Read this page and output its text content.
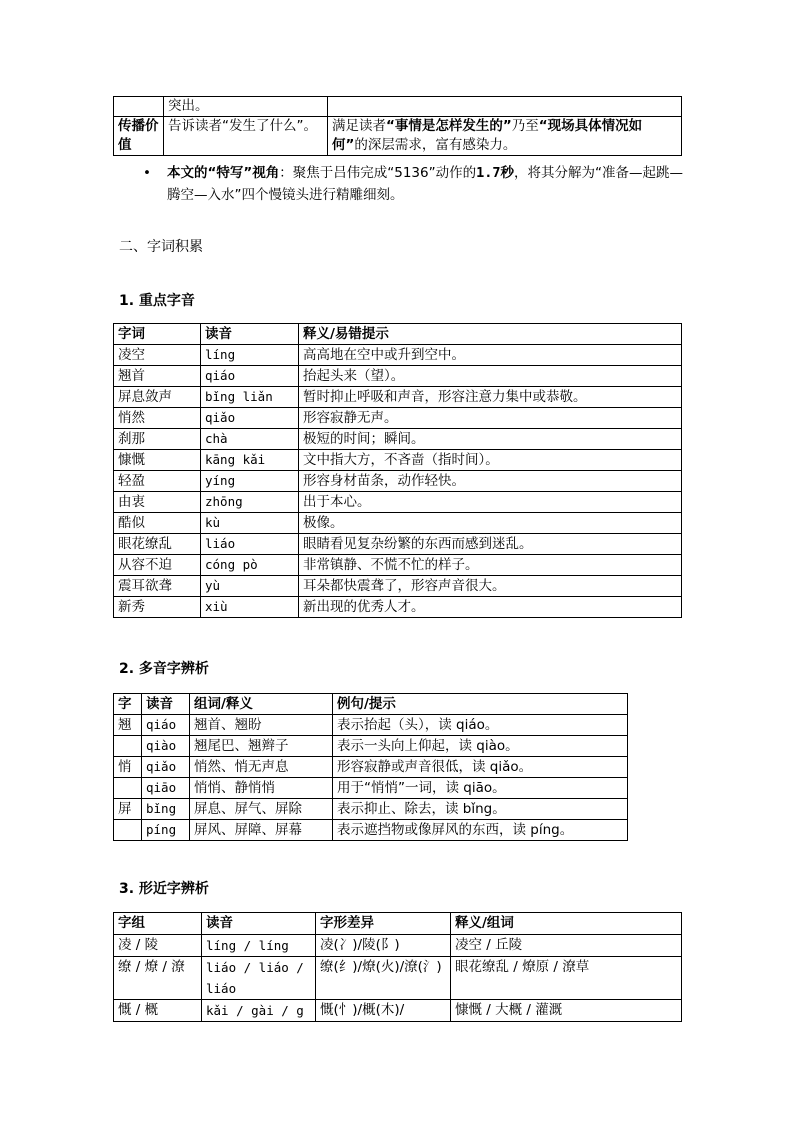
	突出。	
传播价值	告诉读者“发生了什么”。	满足读者“事情是怎样发生的”乃至“现场具体情况如何”的深层需求，富有感染力。
• 本文的“特写”视角：聚焦于吕伟完成“5136”动作的1.7秒，将其分解为“准备—起跳—腾空—入水”四个慢镜头进行精雕细刻。
二、字词积累
1. 重点字音
字词	读音	释义/易错提示
凌空	líng	高高地在空中或升到空中。
翘首	qiáo	抬起头来（望）。
屏息敛声	bǐng liǎn	暂时抑止呼吸和声音，形容注意力集中或恭敬。
悄然	qiǎo	形容寂静无声。
刹那	chà	极短的时间；瞬间。
慷慨	kāng kǎi	文中指大方，不吝啬（指时间）。
轻盈	yíng	形容身材苗条，动作轻快。
由衷	zhōng	出于本心。
酷似	kù	极像。
眼花缭乱	liáo	眼睛看见复杂纷繁的东西而感到迷乱。
从容不迫	cóng pò	非常镇静、不慌不忙的样子。
震耳欲聋	yù	耳朵都快震聋了，形容声音很大。
新秀	xiù	新出现的优秀人才。
2. 多音字辨析
字	读音	组词/释义	例句/提示
翘	qiáo	翘首、翘盼	表示抬起（头），读 qiáo。
	qiào	翘尾巴、翘辫子	表示一头向上仰起，读 qiào。
悄	qiǎo	悄然、悄无声息	形容寂静或声音很低，读 qiǎo。
	qiāo	悄悄、静悄悄	用于“悄悄”一词，读 qiāo。
屏	bǐng	屏息、屏气、屏除	表示抑止、除去，读 bǐng。
	píng	屏风、屏障、屏幕	表示遮挡物或像屏风的东西，读 píng。
3. 形近字辨析
字组	读音	字形差异	释义/组词
凌 / 陵	líng / líng	凌(冫)/陵(阝)	凌空 / 丘陵
缭 / 燎 / 潦	liáo / liáo / liáo	缭(纟)/燎(火)/潦(氵)	眼花缭乱 / 燎原 / 潦草
慨 / 概	kǎi / gài / g	慨(忄)/概(木)/	慷慨 / 大概 / 灌溉
